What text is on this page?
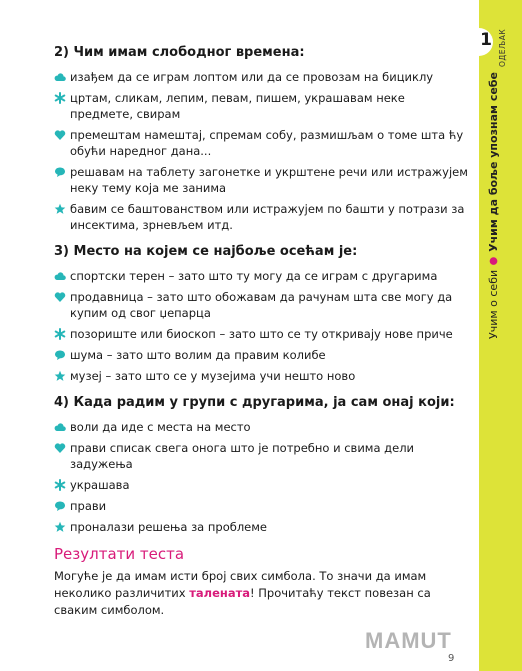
1 ОДЕЉАК
Учим о себи ● Учим да боље упознам себе
2) Чим имам слободног времена:
изађем да се играм лоптом или да се провозам на бициклу
цртам, сликам, лепим, певам, пишем, украшавам неке предмете, свирам
премештам намештај, спремам собу, размишљам о томе шта ћу обући наредног дана...
решавам на таблету загонетке и укрштене речи или истражујем неку тему која ме занима
бавим се баштованством или истражујем по башти у потрази за инсектима, зрневљем итд.
3) Место на којем се најбоље осећам је:
спортски терен – зато што ту могу да се играм с другарима
продавница – зато што обожавам да рачунам шта све могу да купим од свог џепарца
позориште или биоскоп – зато што се ту откривају нове приче
шума – зато што волим да правим колибе
музеј – зато што се у музејима учи нешто ново
4) Када радим у групи с другарима, ја сам онај који:
воли да иде с места на место
прави списак свега онога што је потребно и свима дели задужења
украшава
прави
проналази решења за проблеме
Резултати теста

Могуће је да имам исти број свих симбола. То значи да имам неколико различитих талената! Прочитаћу текст повезан са сваким симболом.

MAMUT
9
